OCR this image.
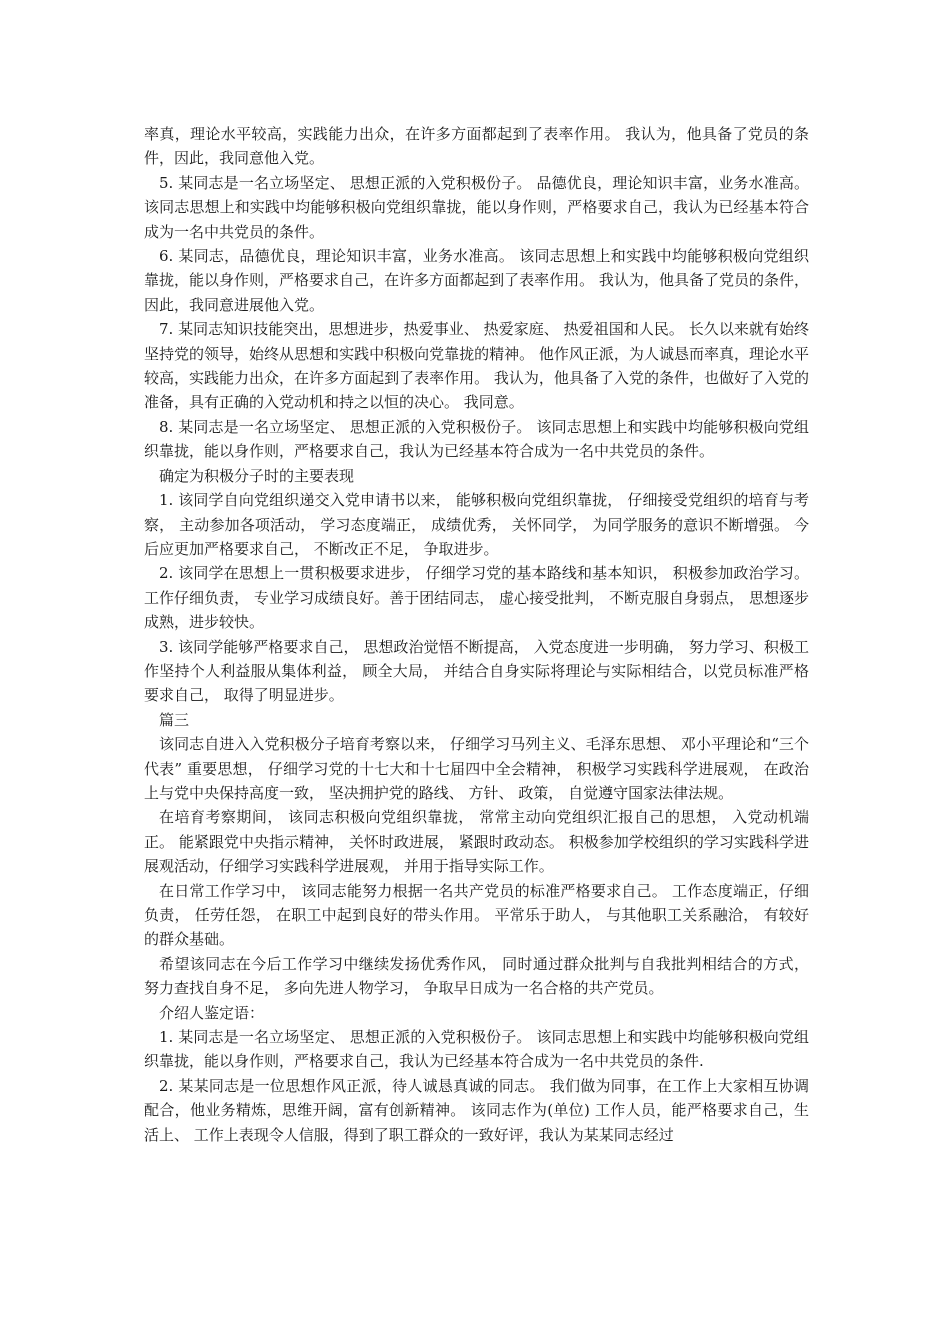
率真，理论水平较高，实践能力出众，在许多方面都起到了表率作用。 我认为，他具备了党员的条件，因此，我同意他入党。

5. 某同志是一名立场坚定、 思想正派的入党积极份子。 品德优良，理论知识丰富，业务水准高。 该同志思想上和实践中均能够积极向党组织靠拢，能以身作则，严格要求自己，我认为已经基本符合成为一名中共党员的条件。

6. 某同志，品德优良，理论知识丰富，业务水准高。 该同志思想上和实践中均能够积极向党组织靠拢，能以身作则，严格要求自己，在许多方面都起到了表率作用。 我认为，他具备了党员的条件，因此，我同意进展他入党。

7. 某同志知识技能突出，思想进步，热爱事业、 热爱家庭、 热爱祖国和人民。 长久以来就有始终坚持党的领导，始终从思想和实践中积极向党靠拢的精神。 他作风正派，为人诚恳而率真，理论水平较高，实践能力出众，在许多方面起到了表率作用。 我认为，他具备了入党的条件，也做好了入党的准备，具有正确的入党动机和持之以恒的决心。 我同意。

8. 某同志是一名立场坚定、 思想正派的入党积极份子。 该同志思想上和实践中均能够积极向党组织靠拢，能以身作则，严格要求自己，我认为已经基本符合成为一名中共党员的条件。

确定为积极分子时的主要表现

1. 该同学自向党组织递交入党申请书以来， 能够积极向党组织靠拢， 仔细接受党组织的培育与考察， 主动参加各项活动， 学习态度端正， 成绩优秀， 关怀同学， 为同学服务的意识不断增强。 今后应更加严格要求自己， 不断改正不足， 争取进步。

2. 该同学在思想上一贯积极要求进步， 仔细学习党的基本路线和基本知识， 积极参加政治学习。 工作仔细负责， 专业学习成绩良好。善于团结同志， 虚心接受批判， 不断克服自身弱点， 思想逐步成熟，进步较快。

3. 该同学能够严格要求自己， 思想政治觉悟不断提高， 入党态度进一步明确， 努力学习、积极工作坚持个人利益服从集体利益， 顾全大局， 并结合自身实际将理论与实际相结合，以党员标准严格要求自己， 取得了明显进步。

篇三

该同志自进入入党积极分子培育考察以来， 仔细学习马列主义、毛泽东思想、 邓小平理论和“三个代表” 重要思想， 仔细学习党的十七大和十七届四中全会精神， 积极学习实践科学进展观， 在政治上与党中央保持高度一致， 坚决拥护党的路线、 方针、 政策， 自觉遵守国家法律法规。

在培育考察期间， 该同志积极向党组织靠拢， 常常主动向党组织汇报自己的思想， 入党动机端正。 能紧跟党中央指示精神， 关怀时政进展， 紧跟时政动态。 积极参加学校组织的学习实践科学进展观活动，仔细学习实践科学进展观， 并用于指导实际工作。

在日常工作学习中， 该同志能努力根据一名共产党员的标准严格要求自己。 工作态度端正，仔细负责， 任劳任怨， 在职工中起到良好的带头作用。 平常乐于助人， 与其他职工关系融洽， 有较好的群众基础。

希望该同志在今后工作学习中继续发扬优秀作风， 同时通过群众批判与自我批判相结合的方式， 努力查找自身不足， 多向先进人物学习， 争取早日成为一名合格的共产党员。

介绍人鉴定语：

1. 某同志是一名立场坚定、 思想正派的入党积极份子。 该同志思想上和实践中均能够积极向党组织靠拢，能以身作则，严格要求自己，我认为已经基本符合成为一名中共党员的条件.

2. 某某同志是一位思想作风正派，待人诚恳真诚的同志。 我们做为同事，在工作上大家相互协调配合，他业务精炼，思维开阔，富有创新精神。 该同志作为(单位) 工作人员，能严格要求自己，生活上、 工作上表现令人信服，得到了职工群众的一致好评，我认为某某同志经过
